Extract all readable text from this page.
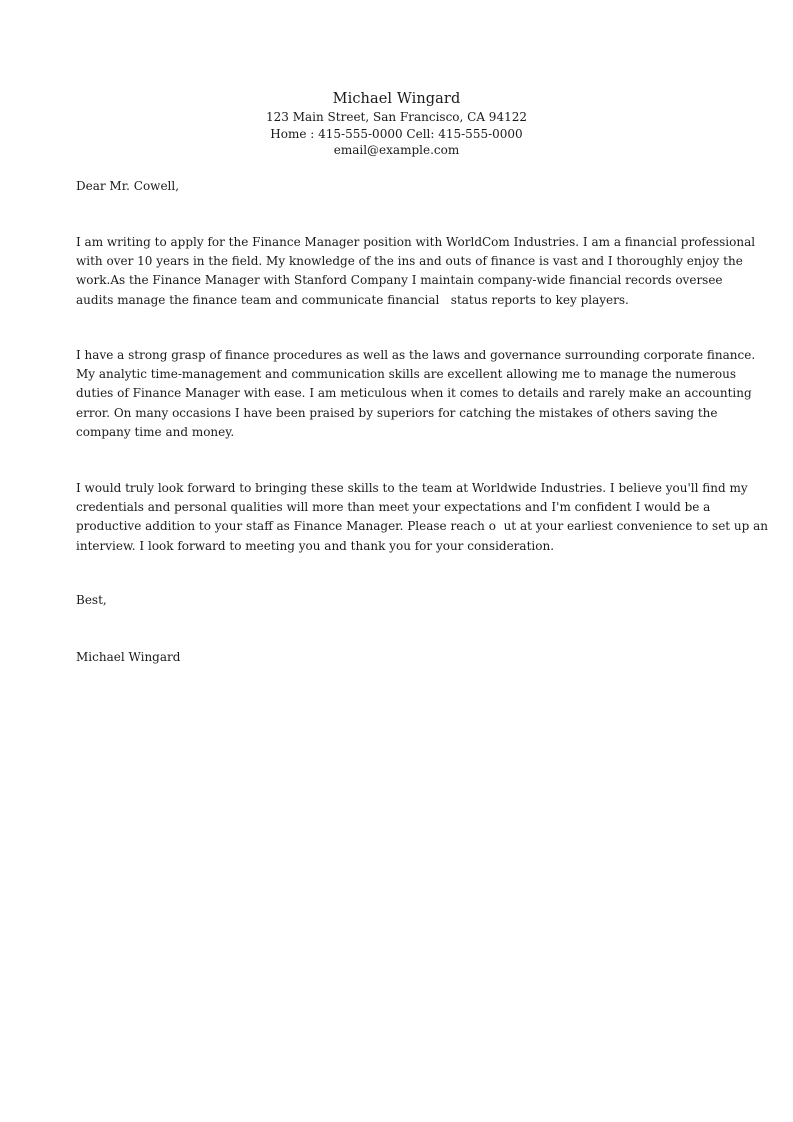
Michael Wingard
123 Main Street, San Francisco, CA 94122
Home : 415-555-0000 Cell: 415-555-0000
email@example.com
Dear Mr. Cowell,
I am writing to apply for the Finance Manager position with WorldCom Industries. I am a financial professional
with over 10 years in the field. My knowledge of the ins and outs of finance is vast and I thoroughly enjoy the
work.As the Finance Manager with Stanford Company I maintain company-wide financial records oversee
audits manage the finance team and communicate financial   status reports to key players.
I have a strong grasp of finance procedures as well as the laws and governance surrounding corporate finance.
My analytic time-management and communication skills are excellent allowing me to manage the numerous
duties of Finance Manager with ease. I am meticulous when it comes to details and rarely make an accounting
error. On many occasions I have been praised by superiors for catching the mistakes of others saving the
company time and money.
I would truly look forward to bringing these skills to the team at Worldwide Industries. I believe you'll find my
credentials and personal qualities will more than meet your expectations and I'm confident I would be a
productive addition to your staff as Finance Manager. Please reach o  ut at your earliest convenience to set up an
interview. I look forward to meeting you and thank you for your consideration.
Best,
Michael Wingard
